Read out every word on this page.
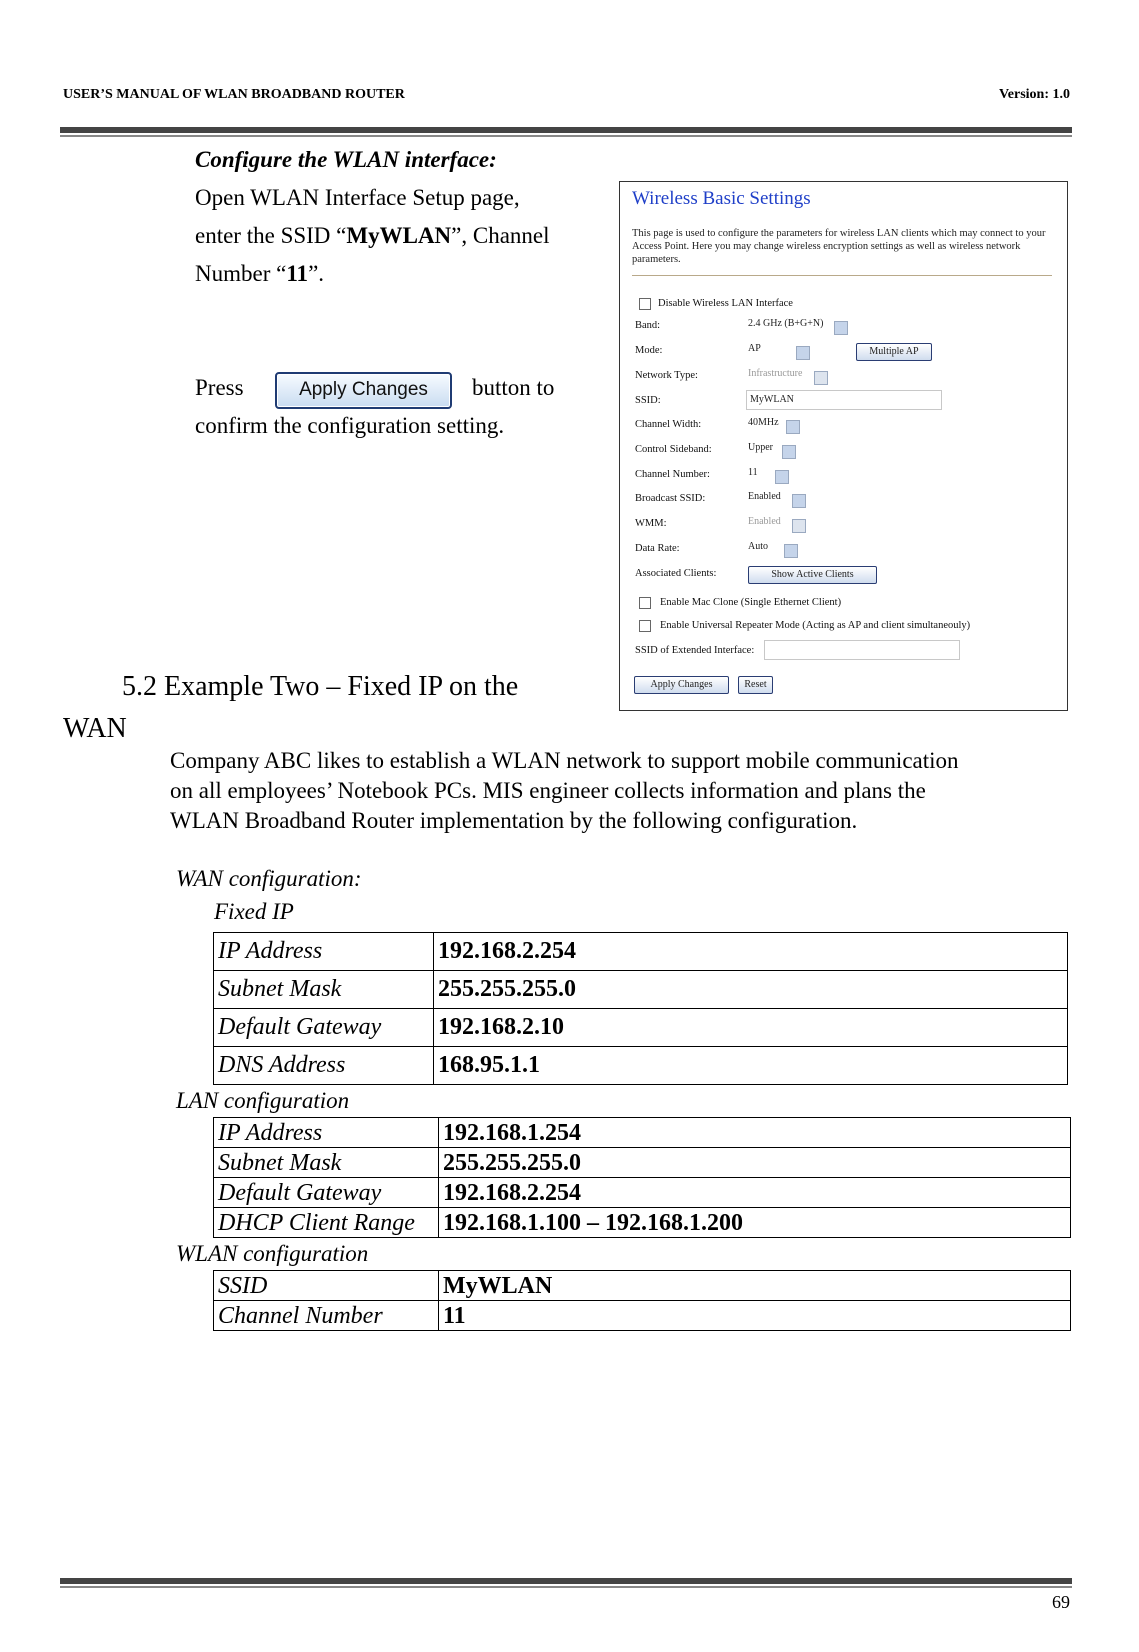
USER’S MANUAL OF WLAN BROADBAND ROUTER	Version: 1.0
Configure the WLAN interface:
Open WLAN Interface Setup page,
enter the SSID “MyWLAN”, Channel
Number “11”.
Press	Apply Changes	button to
confirm the configuration setting.
Wireless Basic Settings
This page is used to configure the parameters for wireless LAN clients which may connect to your Access Point. Here you may change wireless encryption settings as well as wireless network parameters.
Disable Wireless LAN Interface
Band:	2.4 GHz (B+G+N)
Mode:	AP	Multiple AP
Network Type:	Infrastructure
SSID:	MyWLAN
Channel Width:	40MHz
Control Sideband:	Upper
Channel Number:	11
Broadcast SSID:	Enabled
WMM:	Enabled
Data Rate:	Auto
Associated Clients:	Show Active Clients
Enable Mac Clone (Single Ethernet Client)
Enable Universal Repeater Mode (Acting as AP and client simultaneouly)
SSID of Extended Interface:
Apply Changes	Reset
5.2 Example Two – Fixed IP on the
WAN
Company ABC likes to establish a WLAN network to support mobile communication
on all employees’ Notebook PCs. MIS engineer collects information and plans the
WLAN Broadband Router implementation by the following configuration.
WAN configuration:
Fixed IP
IP Address	192.168.2.254
Subnet Mask	255.255.255.0
Default Gateway	192.168.2.10
DNS Address	168.95.1.1
LAN configuration
IP Address	192.168.1.254
Subnet Mask	255.255.255.0
Default Gateway	192.168.2.254
DHCP Client Range	192.168.1.100 – 192.168.1.200
WLAN configuration
SSID	MyWLAN
Channel Number	11
69
